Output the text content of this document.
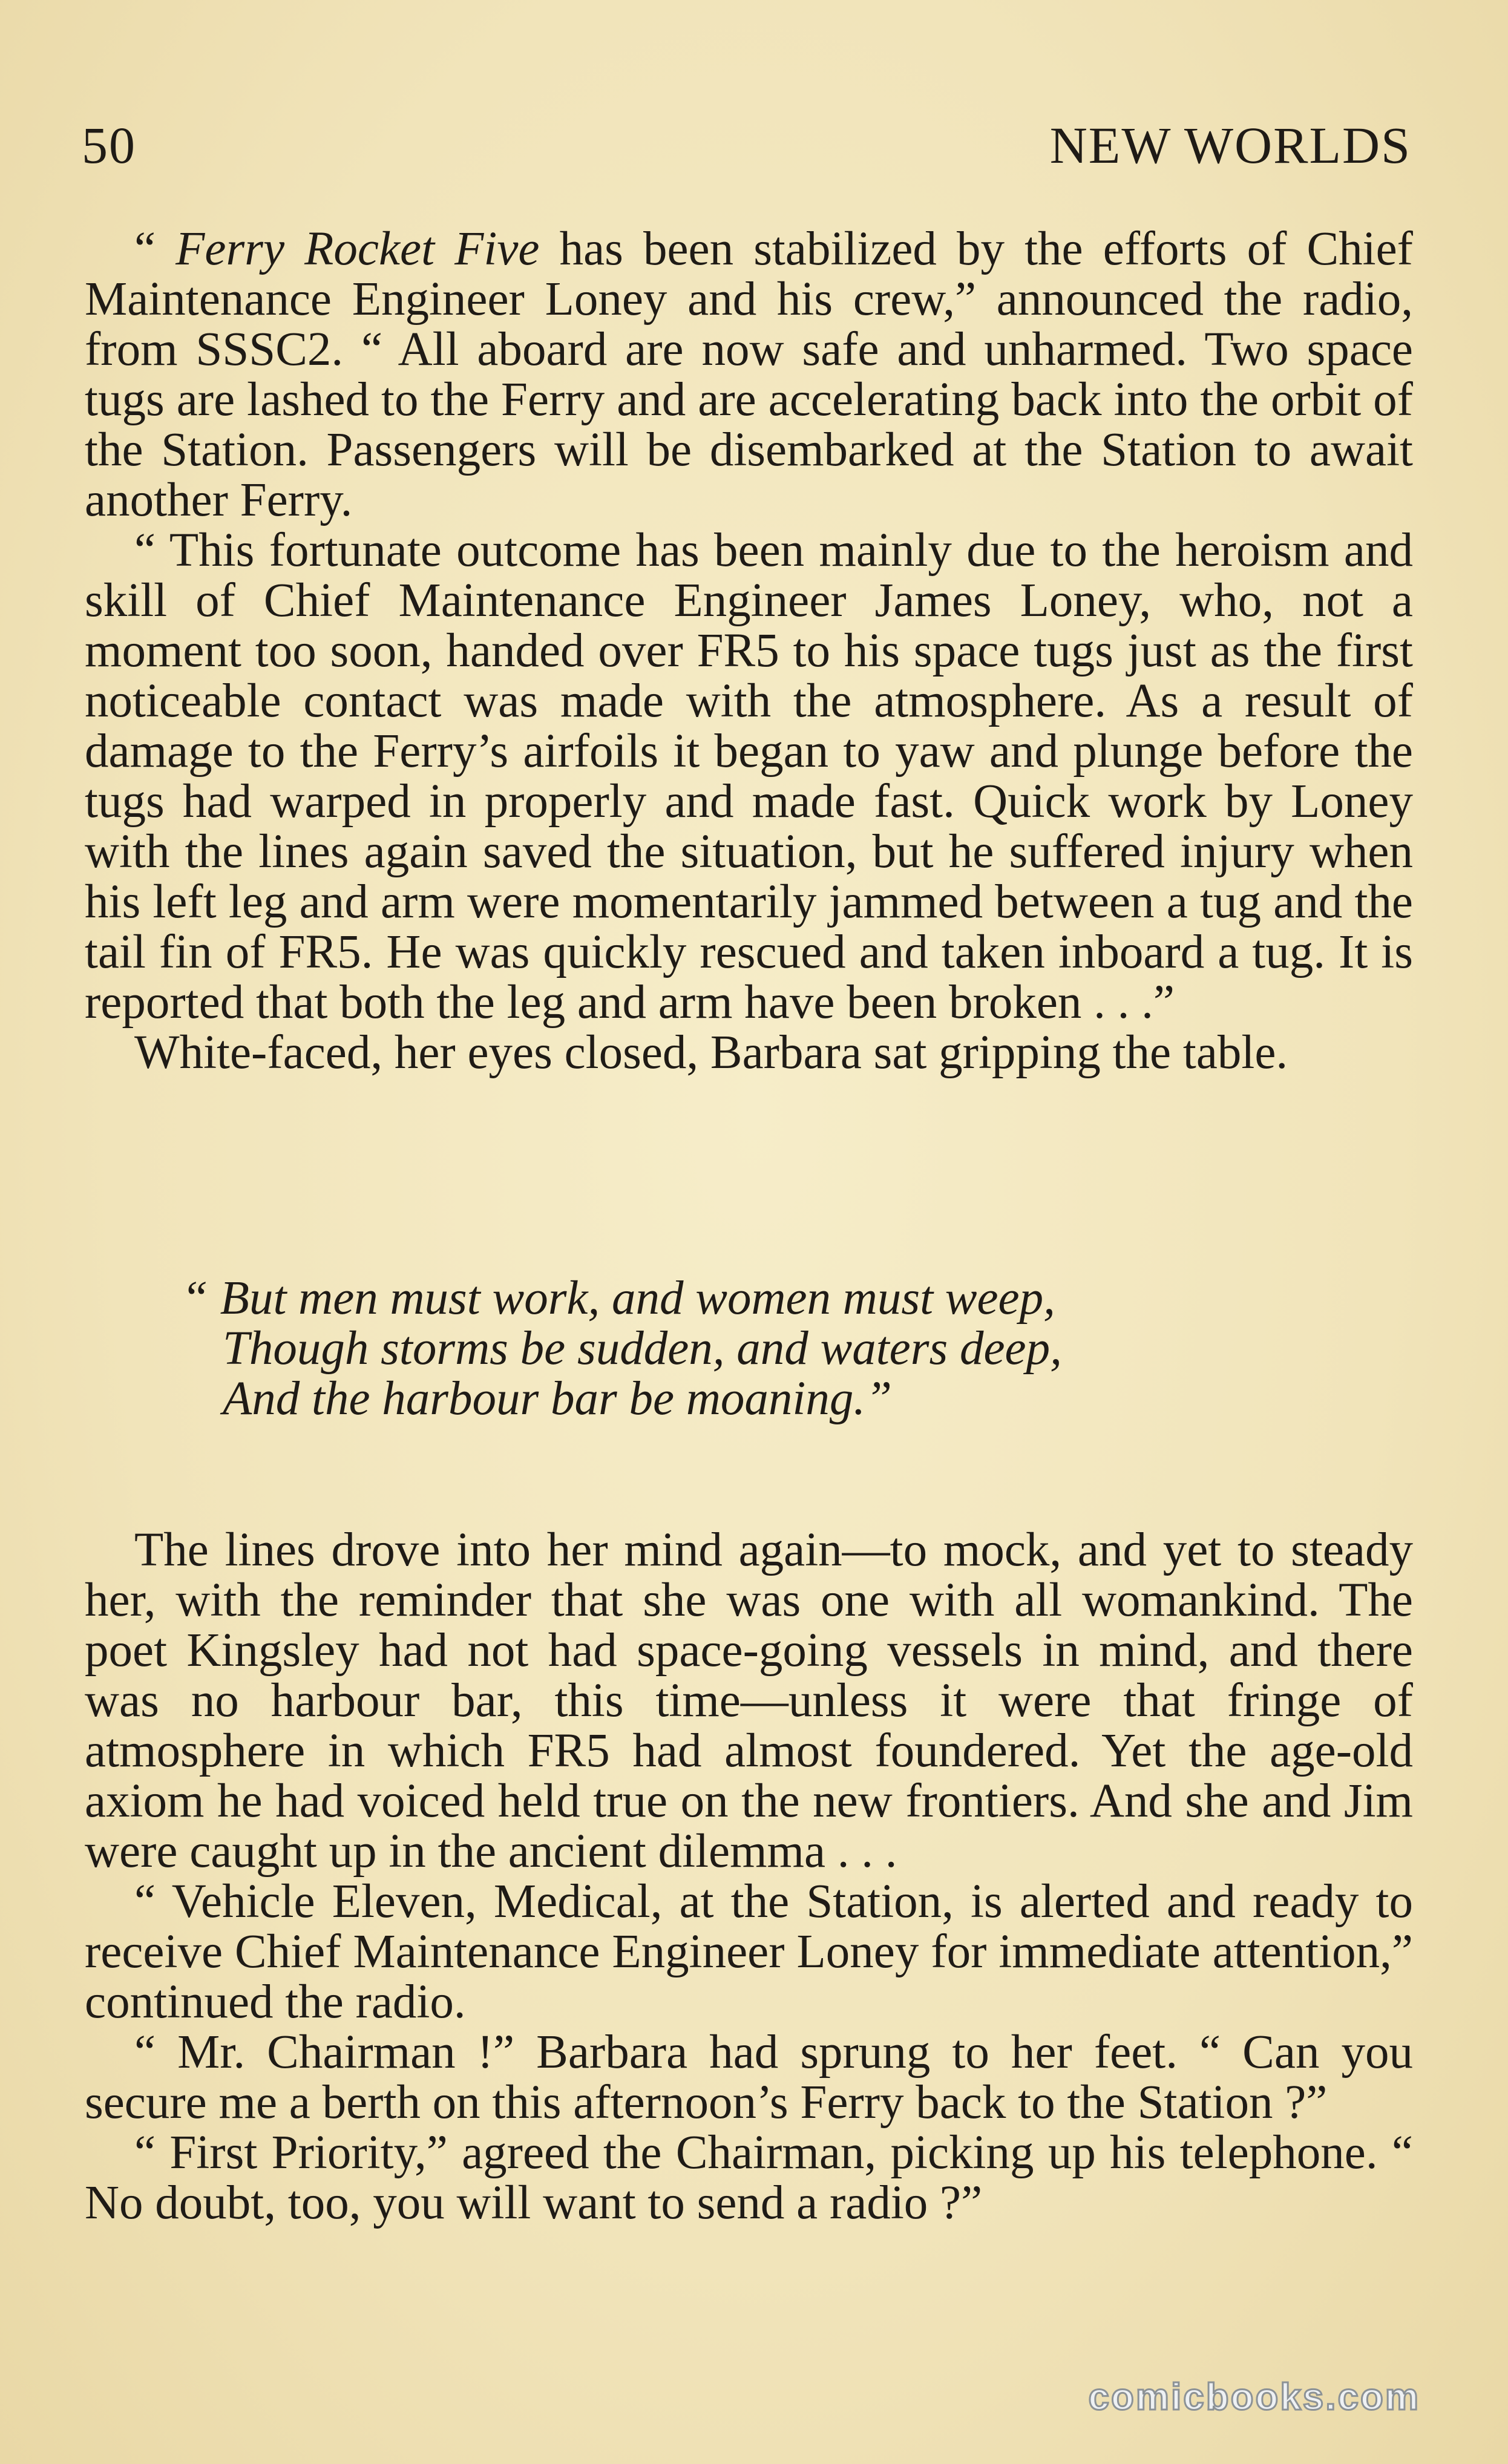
50	NEW WORLDS

“ Ferry Rocket Five has been stabilized by the efforts of Chief Maintenance Engineer Loney and his crew,” announced the radio, from SSSC2. “ All aboard are now safe and unharmed. Two space tugs are lashed to the Ferry and are accelerating back into the orbit of the Station. Passengers will be disembarked at the Station to await another Ferry.

“ This fortunate outcome has been mainly due to the heroism and skill of Chief Maintenance Engineer James Loney, who, not a moment too soon, handed over FR5 to his space tugs just as the first noticeable contact was made with the atmosphere. As a result of damage to the Ferry’s airfoils it began to yaw and plunge before the tugs had warped in properly and made fast. Quick work by Loney with the lines again saved the situation, but he suffered injury when his left leg and arm were momentarily jammed between a tug and the tail fin of FR5. He was quickly rescued and taken inboard a tug. It is reported that both the leg and arm have been broken . . .”

White-faced, her eyes closed, Barbara sat gripping the table.

“ But men must work, and women must weep,
Though storms be sudden, and waters deep,
And the harbour bar be moaning.”

The lines drove into her mind again—to mock, and yet to steady her, with the reminder that she was one with all womankind. The poet Kingsley had not had space-going vessels in mind, and there was no harbour bar, this time—unless it were that fringe of atmosphere in which FR5 had almost foundered. Yet the age-old axiom he had voiced held true on the new frontiers. And she and Jim were caught up in the ancient dilemma . . .

“ Vehicle Eleven, Medical, at the Station, is alerted and ready to receive Chief Maintenance Engineer Loney for immediate attention,” continued the radio.

“ Mr. Chairman !” Barbara had sprung to her feet. “ Can you secure me a berth on this afternoon’s Ferry back to the Station ?”

“ First Priority,” agreed the Chairman, picking up his telephone. “ No doubt, too, you will want to send a radio ?”

comicbooks.com
